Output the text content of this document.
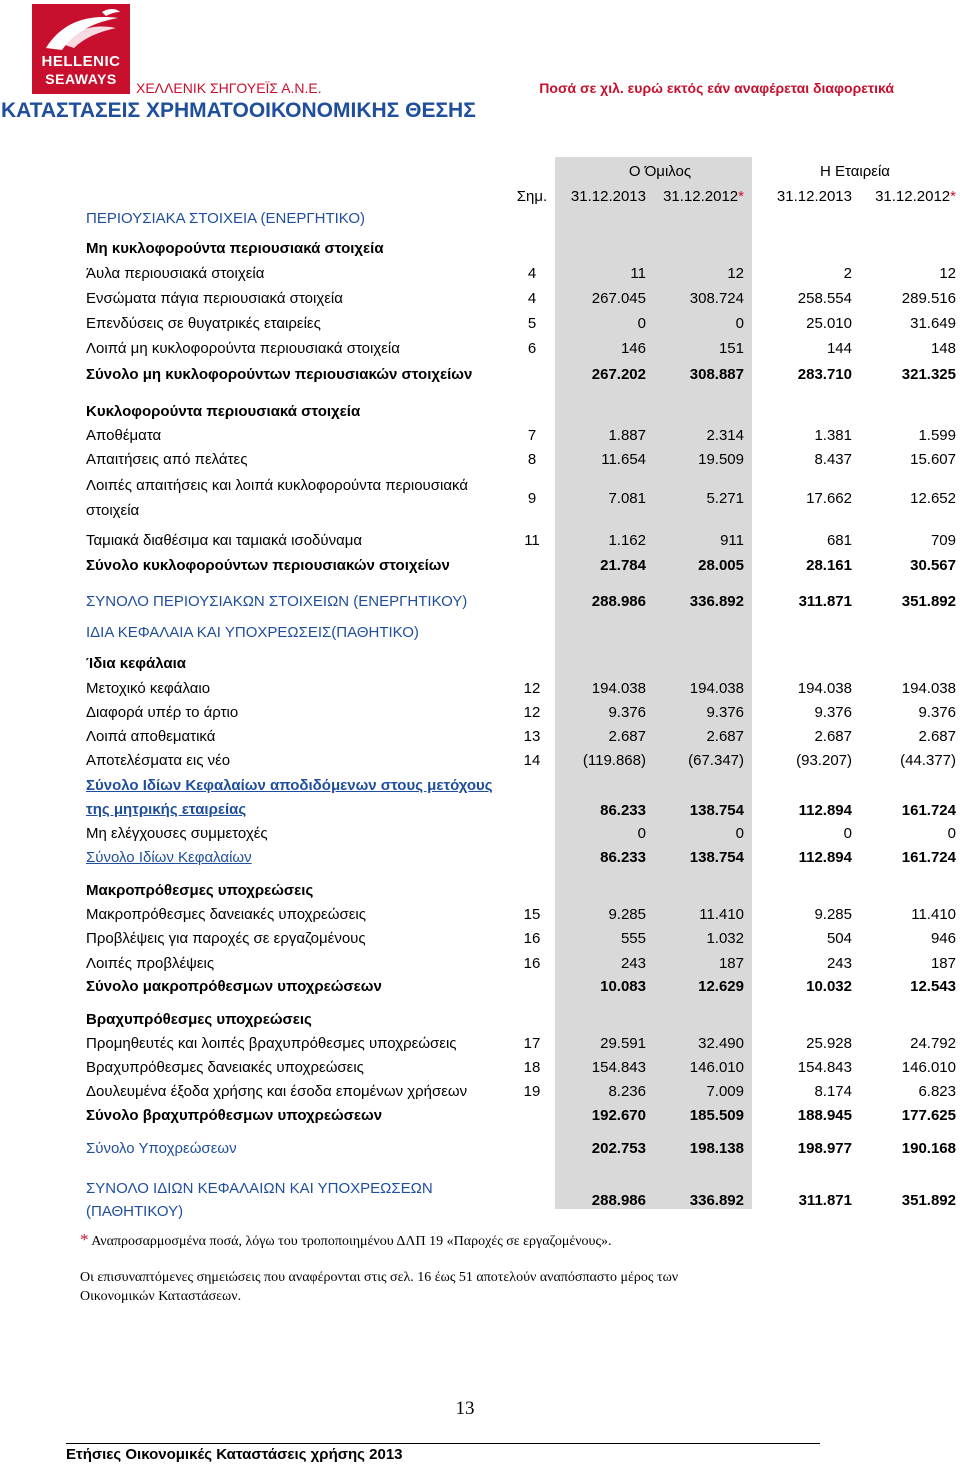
HELLENIC
SEAWAYS
ΧΕΛΛΕΝΙΚ ΣΗΓΟΥΕΪΣ Α.Ν.Ε.	Ποσά σε χιλ. ευρώ εκτός εάν αναφέρεται διαφορετικά
ΚΑΤΑΣΤΑΣΕΙΣ ΧΡΗΜΑΤΟΟΙΚΟΝΟΜΙΚΗΣ ΘΕΣΗΣ
Ο Όμιλος	Η Εταιρεία
Σημ.	31.12.2013	31.12.2012*	31.12.2013	31.12.2012*
ΠΕΡΙΟΥΣΙΑΚΑ ΣΤΟΙΧΕΙΑ (ΕΝΕΡΓΗΤΙΚΟ)
Μη κυκλοφορούντα περιουσιακά στοιχεία
Άυλα περιουσιακά στοιχεία	4	11	12	2	12
Ενσώματα πάγια περιουσιακά στοιχεία	4	267.045	308.724	258.554	289.516
Επενδύσεις σε θυγατρικές εταιρείες	5	0	0	25.010	31.649
Λοιπά μη κυκλοφορούντα περιουσιακά στοιχεία	6	146	151	144	148
Σύνολο μη κυκλοφορούντων περιουσιακών στοιχείων	267.202	308.887	283.710	321.325
Κυκλοφορούντα περιουσιακά στοιχεία
Αποθέματα	7	1.887	2.314	1.381	1.599
Απαιτήσεις από πελάτες	8	11.654	19.509	8.437	15.607
Λοιπές απαιτήσεις και λοιπά κυκλοφορούντα περιουσιακά
στοιχεία
9	7.081	5.271	17.662	12.652
Ταμιακά διαθέσιμα και ταμιακά ισοδύναμα	11	1.162	911	681	709
Σύνολο κυκλοφορούντων περιουσιακών στοιχείων	21.784	28.005	28.161	30.567
ΣΥΝΟΛΟ ΠΕΡΙΟΥΣΙΑΚΩΝ ΣΤΟΙΧΕΙΩΝ (ΕΝΕΡΓΗΤΙΚΟΥ)	288.986	336.892	311.871	351.892
ΙΔΙΑ ΚΕΦΑΛΑΙΑ ΚΑΙ ΥΠΟΧΡΕΩΣΕΙΣ(ΠΑΘΗΤΙΚΟ)
Ίδια κεφάλαια
Μετοχικό κεφάλαιο	12	194.038	194.038	194.038	194.038
Διαφορά υπέρ το άρτιο	12	9.376	9.376	9.376	9.376
Λοιπά αποθεματικά	13	2.687	2.687	2.687	2.687
Αποτελέσματα εις νέο	14	(119.868)	(67.347)	(93.207)	(44.377)
Σύνολο Ιδίων Κεφαλαίων αποδιδόμενων στους μετόχους
της μητρικής εταιρείας	86.233	138.754	112.894	161.724
Μη ελέγχουσες συμμετοχές	0	0	0	0
Σύνολο Ιδίων Κεφαλαίων	86.233	138.754	112.894	161.724
Μακροπρόθεσμες υποχρεώσεις
Μακροπρόθεσμες δανειακές υποχρεώσεις	15	9.285	11.410	9.285	11.410
Προβλέψεις για παροχές σε εργαζομένους	16	555	1.032	504	946
Λοιπές προβλέψεις	16	243	187	243	187
Σύνολο μακροπρόθεσμων υποχρεώσεων	10.083	12.629	10.032	12.543
Βραχυπρόθεσμες υποχρεώσεις
Προμηθευτές και λοιπές βραχυπρόθεσμες υποχρεώσεις	17	29.591	32.490	25.928	24.792
Βραχυπρόθεσμες δανειακές υποχρεώσεις	18	154.843	146.010	154.843	146.010
Δουλευμένα έξοδα χρήσης και έσοδα επομένων χρήσεων	19	8.236	7.009	8.174	6.823
Σύνολο βραχυπρόθεσμων υποχρεώσεων	192.670	185.509	188.945	177.625
Σύνολο Υποχρεώσεων	202.753	198.138	198.977	190.168
ΣΥΝΟΛΟ ΙΔΙΩΝ ΚΕΦΑΛΑΙΩΝ ΚΑΙ ΥΠΟΧΡΕΩΣΕΩΝ
(ΠΑΘΗΤΙΚΟΥ)
288.986	336.892	311.871	351.892
* Αναπροσαρμοσμένα ποσά, λόγω του τροποποιημένου ΔΛΠ 19 «Παροχές σε εργαζομένους».
Οι επισυναπτόμενες σημειώσεις που αναφέρονται στις σελ. 16 έως 51 αποτελούν αναπόσπαστο μέρος των
Οικονομικών Καταστάσεων.
13
Ετήσιες Οικονομικές Καταστάσεις χρήσης 2013
